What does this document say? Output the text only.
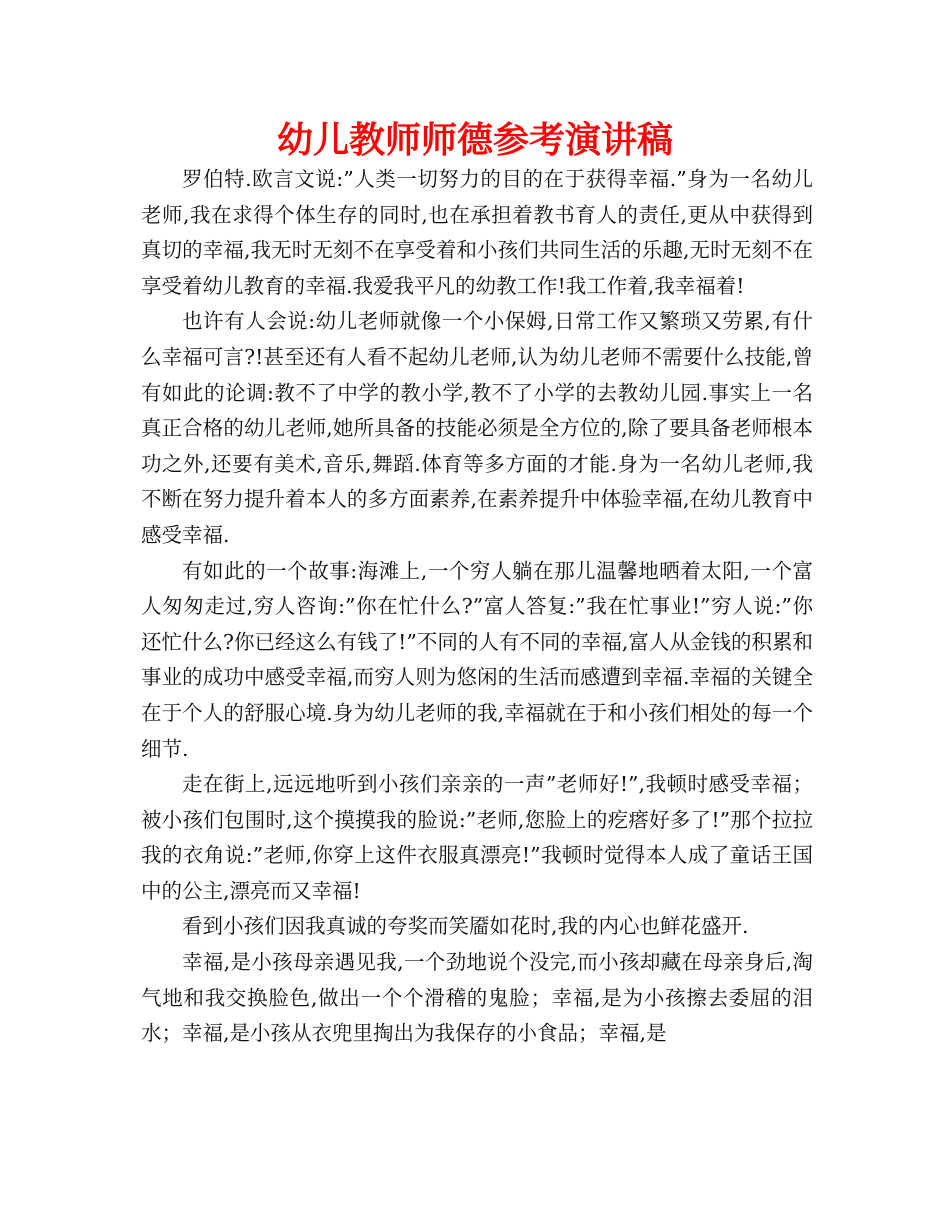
幼儿教师师德参考演讲稿

罗伯特.欧言文说:”人类一切努力的目的在于获得幸福.”身为一名幼儿老师,我在求得个体生存的同时,也在承担着教书育人的责任,更从中获得到真切的幸福,我无时无刻不在享受着和小孩们共同生活的乐趣,无时无刻不在享受着幼儿教育的幸福.我爱我平凡的幼教工作!我工作着,我幸福着!

也许有人会说:幼儿老师就像一个小保姆,日常工作又繁琐又劳累,有什么幸福可言?!甚至还有人看不起幼儿老师,认为幼儿老师不需要什么技能,曾有如此的论调:教不了中学的教小学,教不了小学的去教幼儿园.事实上一名真正合格的幼儿老师,她所具备的技能必须是全方位的,除了要具备老师根本功之外,还要有美术,音乐,舞蹈.体育等多方面的才能.身为一名幼儿老师,我不断在努力提升着本人的多方面素养,在素养提升中体验幸福,在幼儿教育中感受幸福.

有如此的一个故事:海滩上,一个穷人躺在那儿温馨地晒着太阳,一个富人匆匆走过,穷人咨询:”你在忙什么?”富人答复:”我在忙事业!”穷人说:”你还忙什么?你已经这么有钱了!”不同的人有不同的幸福,富人从金钱的积累和事业的成功中感受幸福,而穷人则为悠闲的生活而感遭到幸福.幸福的关键全在于个人的舒服心境.身为幼儿老师的我,幸福就在于和小孩们相处的每一个细节.

走在街上,远远地听到小孩们亲亲的一声”老师好!”,我顿时感受幸福；被小孩们包围时,这个摸摸我的脸说:”老师,您脸上的疙瘩好多了!”那个拉拉我的衣角说:”老师,你穿上这件衣服真漂亮!”我顿时觉得本人成了童话王国中的公主,漂亮而又幸福!

看到小孩们因我真诚的夸奖而笑靥如花时,我的内心也鲜花盛开.

幸福,是小孩母亲遇见我,一个劲地说个没完,而小孩却藏在母亲身后,淘气地和我交换脸色,做出一个个滑稽的鬼脸；幸福,是为小孩擦去委屈的泪水；幸福,是小孩从衣兜里掏出为我保存的小食品；幸福,是
